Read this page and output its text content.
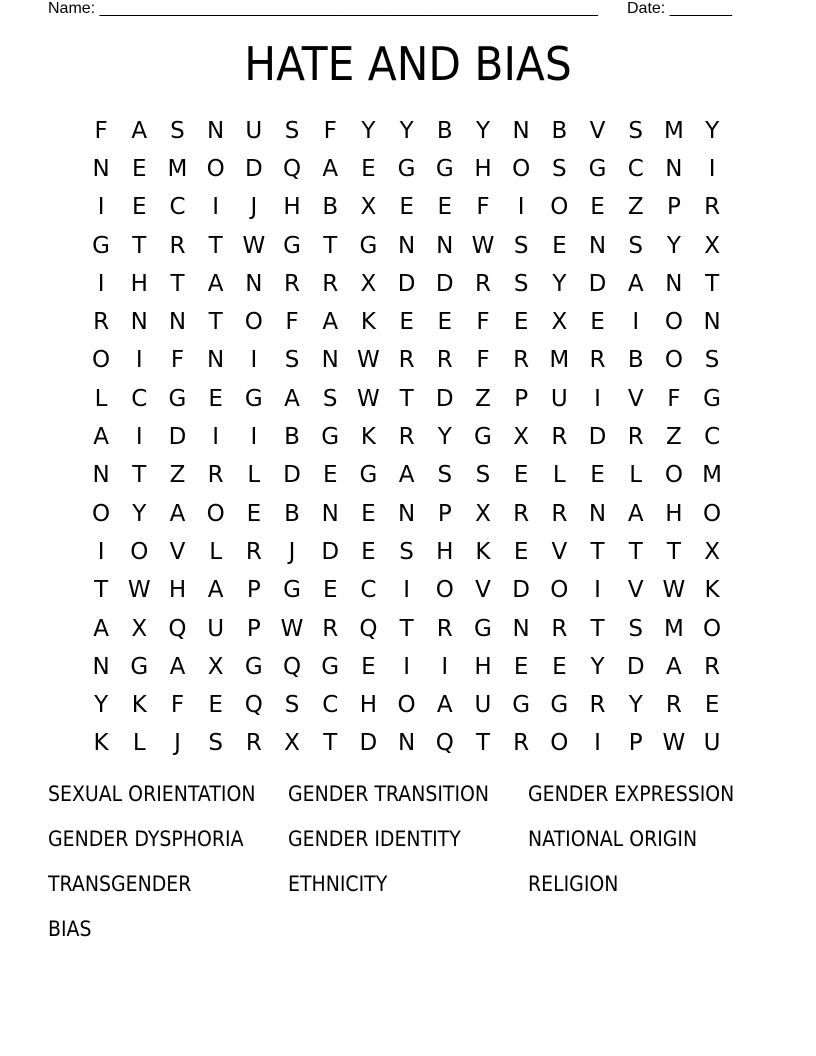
Name: ________________________________________________________ Date: _______
HATE AND BIAS
F	A	S N U S	F	Y	Y	B	Y N B V	S M Y
N E M O D Q A	E G G H O S G C N	I
I	E C	I	J	H B X	E	E	F	I	O E	Z	P	R
G T	R	T W G T G N N W S	E N S	Y	X
I	H T	A N R R X D D R S	Y D A N T
R N N T O F	A K	E	E	F	E	X	E	I	O N
O	I	F N	I	S N W R R	F	R M R B O S
L	C G E G A	S W T D Z	P U	I	V	F G
A	I	D	I	I	B G K R	Y G X R D R Z C
N T	Z R	L D E G A	S	S	E	L	E	L O M
O Y	A O E	B N E N P	X R R N A H O
I	O V	L	R	J	D E	S H K	E	V	T	T	T	X
T W H A	P G E C	I	O V D O	I	V W K
A X Q U P W R Q T	R G N R	T	S M O
N G A X G Q G E	I	I	H E	E	Y D A R
Y	K	F	E Q S C H O A U G G R	Y	R E
K	L	J	S R X	T D N Q T	R O	I	P W U
SEXUAL ORIENTATION	GENDER TRANSITION	GENDER EXPRESSION
GENDER DYSPHORIA	GENDER IDENTITY	NATIONAL ORIGIN
TRANSGENDER	ETHNICITY	RELIGION
BIAS
